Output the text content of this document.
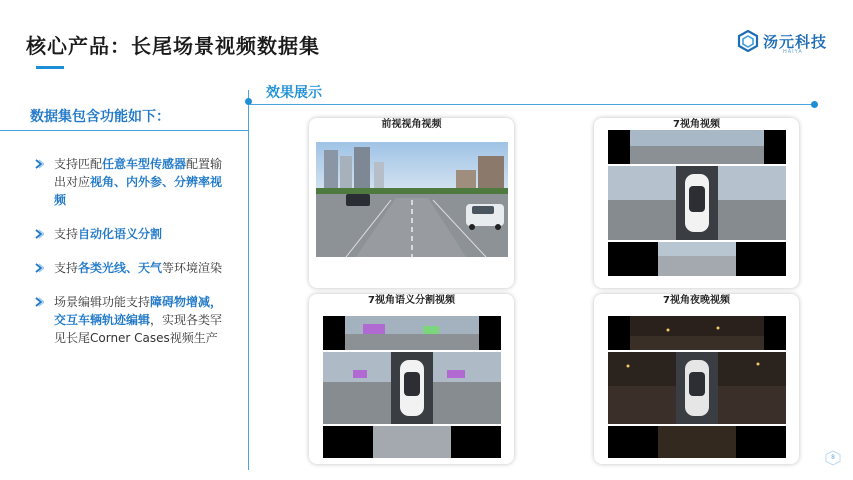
核心产品：长尾场景视频数据集	汤元科技
HAIYA
数据集包含功能如下：
支持匹配任意车型传感器配置输出对应视角、内外参、分辨率视频
支持自动化语义分割
支持各类光线、天气等环境渲染
场景编辑功能支持障碍物增减，交互车辆轨迹编辑，实现各类罕见长尾Corner Cases视频生产
效果展示
前视视角视频	7视角视频
7视角语义分割视频	7视角夜晚视频
8
